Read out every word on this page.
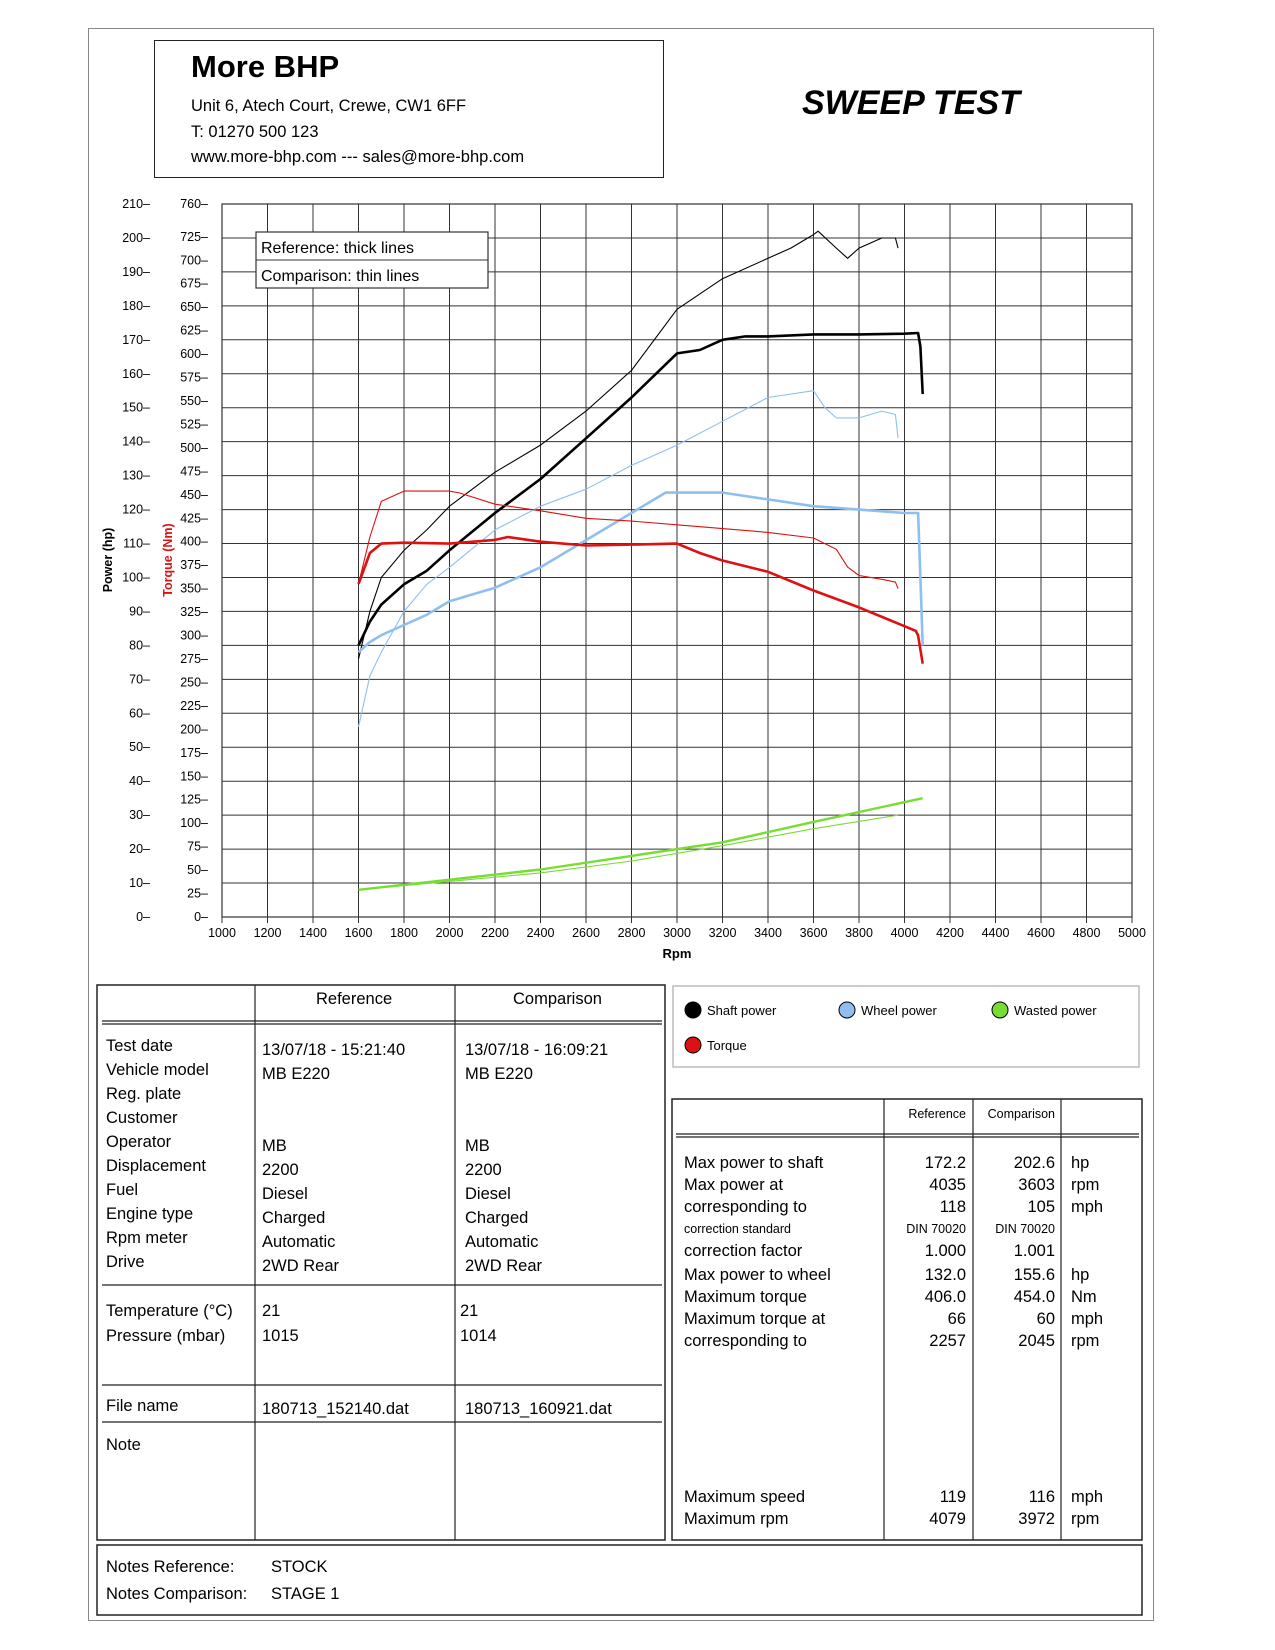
More BHP
Unit 6, Atech Court, Crewe, CW1 6FF
T: 01270 500 123
www.more-bhp.com --- sales@more-bhp.com
SWEEP TEST
1000 1200 1400 1600 1800 2000 2200 2400 2600 2800 3000 3200 3400 3600 3800 4000 4200 4400 4600 4800 5000
0–
10–
20–
30–
40–
50–
60–
70–
80–
90–
100–
110–
120–
130–
140–
150–
160–
170–
180–
190–
200–
210–
0–
25–
50–
75–
100–
125–
150–
175–
200–
225–
250–
275–
300–
325–
350–
375–
400–
425–
450–
475–
500–
525–
550–
575–
600–
625–
650–
675–
700–
725–
760–
Rpm
Power (hp)	Torque (Nm)
Reference: thick lines
Comparison: thin lines
Shaft power	Wheel power	Wasted power
Torque
Reference	Comparison
Test date	13/07/18 - 15:21:40	13/07/18 - 16:09:21
Vehicle model	MB E220	MB E220
Reg. plate
Customer
Operator	MB	MB
Displacement	2200	2200
Fuel	Diesel	Diesel
Engine type	Charged	Charged
Rpm meter	Automatic	Automatic
Drive	2WD Rear	2WD Rear
Temperature (°C) 21	21
Pressure (mbar) 1015	1014
File name	180713_152140.dat	180713_160921.dat
Note
Reference	Comparison
Max power to shaft	172.2	202.6 hp
Max power at	4035	3603 rpm
corresponding to	118	105 mph
correction standard	DIN 70020	DIN 70020
correction factor	1.000	1.001
Max power to wheel	132.0	155.6 hp
Maximum torque	406.0	454.0 Nm
Maximum torque at	66	60 mph
corresponding to	2257	2045 rpm
Maximum speed	119	116 mph
Maximum rpm	4079	3972 rpm
Notes Reference: STOCK
Notes Comparison: STAGE 1
